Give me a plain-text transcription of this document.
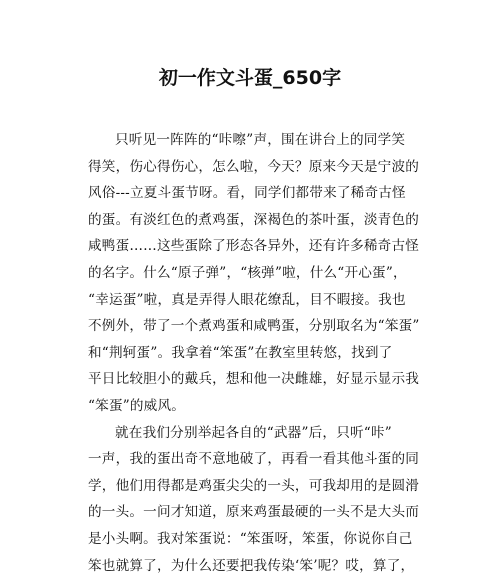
初一作文斗蛋_650字
只听见一阵阵的“咔嚓”声，围在讲台上的同学笑
得笑，伤心得伤心，怎么啦，今天？原来今天是宁波的
风俗---立夏斗蛋节呀。看，同学们都带来了稀奇古怪
的蛋。有淡红色的煮鸡蛋，深褐色的茶叶蛋，淡青色的
咸鸭蛋……这些蛋除了形态各异外，还有许多稀奇古怪
的名字。什么“原子弹”，“核弹”啦，什么“开心蛋”，
“幸运蛋”啦，真是弄得人眼花缭乱，目不暇接。我也
不例外，带了一个煮鸡蛋和咸鸭蛋，分别取名为“笨蛋”
和“荆轲蛋”。我拿着“笨蛋”在教室里转悠，找到了
平日比较胆小的戴兵，想和他一决雌雄，好显示显示我
“笨蛋”的威风。
就在我们分别举起各自的“武器”后，只听“咔”
一声，我的蛋出奇不意地破了，再看一看其他斗蛋的同
学，他们用得都是鸡蛋尖尖的一头，可我却用的是圆滑
的一头。一问才知道，原来鸡蛋最硬的一头不是大头而
是小头啊。我对笨蛋说：“笨蛋呀，笨蛋，你说你自己
笨也就算了，为什么还要把我传染‘笨’呢？哎，算了，
